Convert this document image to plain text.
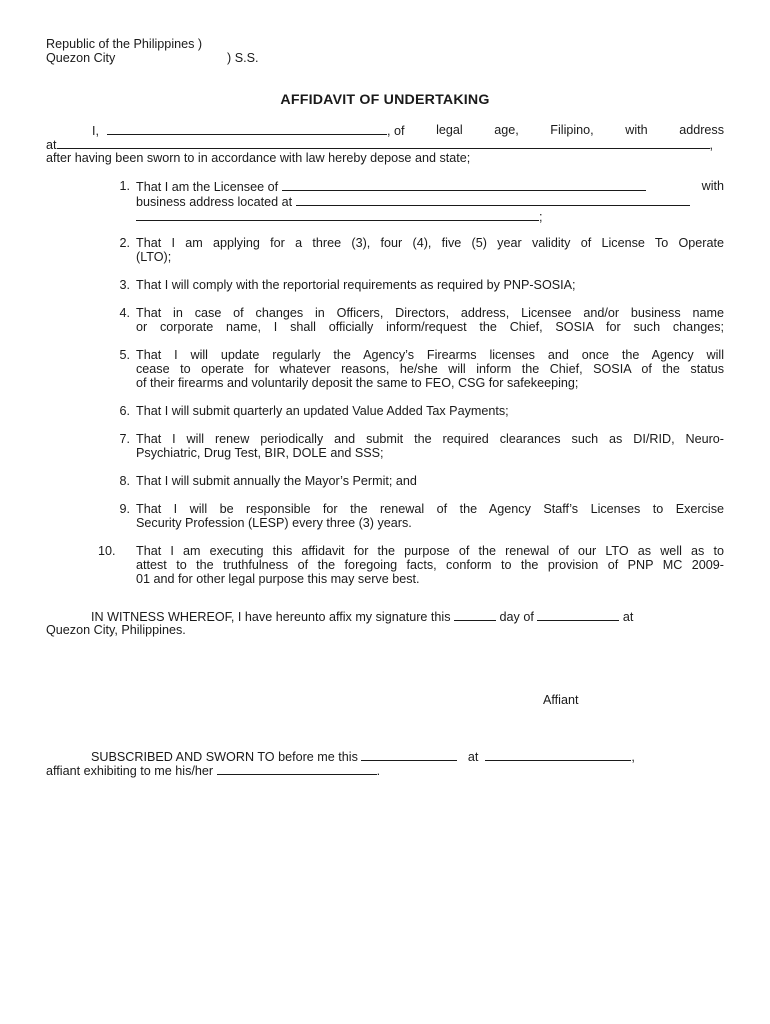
Republic of the Philippines )
Quezon City	) S.S.
AFFIDAVIT OF UNDERTAKING
I,	, of	legal	age,	Filipino,	with	address
at	,
after having been sworn to in accordance with law hereby depose and state;
1. That I am the Licensee of	with
business address located at
;
2. That I am applying for a three (3), four (4), five (5) year validity of License To Operate
(LTO);
3. That I will comply with the reportorial requirements as required by PNP-SOSIA;
4. That in case of changes in Officers, Directors, address, Licensee and/or business name
or corporate name, I shall officially inform/request the Chief, SOSIA for such changes;
5. That I will update regularly the Agency’s Firearms licenses and once the Agency will
cease to operate for whatever reasons, he/she will inform the Chief, SOSIA of the status
of their firearms and voluntarily deposit the same to FEO, CSG for safekeeping;
6. That I will submit quarterly an updated Value Added Tax Payments;
7. That I will renew periodically and submit the required clearances such as DI/RID, Neuro-
Psychiatric, Drug Test, BIR, DOLE and SSS;
8. That I will submit annually the Mayor’s Permit; and
9. That I will be responsible for the renewal of the Agency Staff’s Licenses to Exercise
Security Profession (LESP) every three (3) years.
10.	That I am executing this affidavit for the purpose of the renewal of our LTO as well as to
attest to the truthfulness of the foregoing facts, conform to the provision of PNP MC 2009-
01 and for other legal purpose this may serve best.
IN WITNESS WHEREOF, I have hereunto affix my signature this	day of	at
Quezon City, Philippines.
Affiant
SUBSCRIBED AND SWORN TO before me this	at	,
affiant exhibiting to me his/her	.
